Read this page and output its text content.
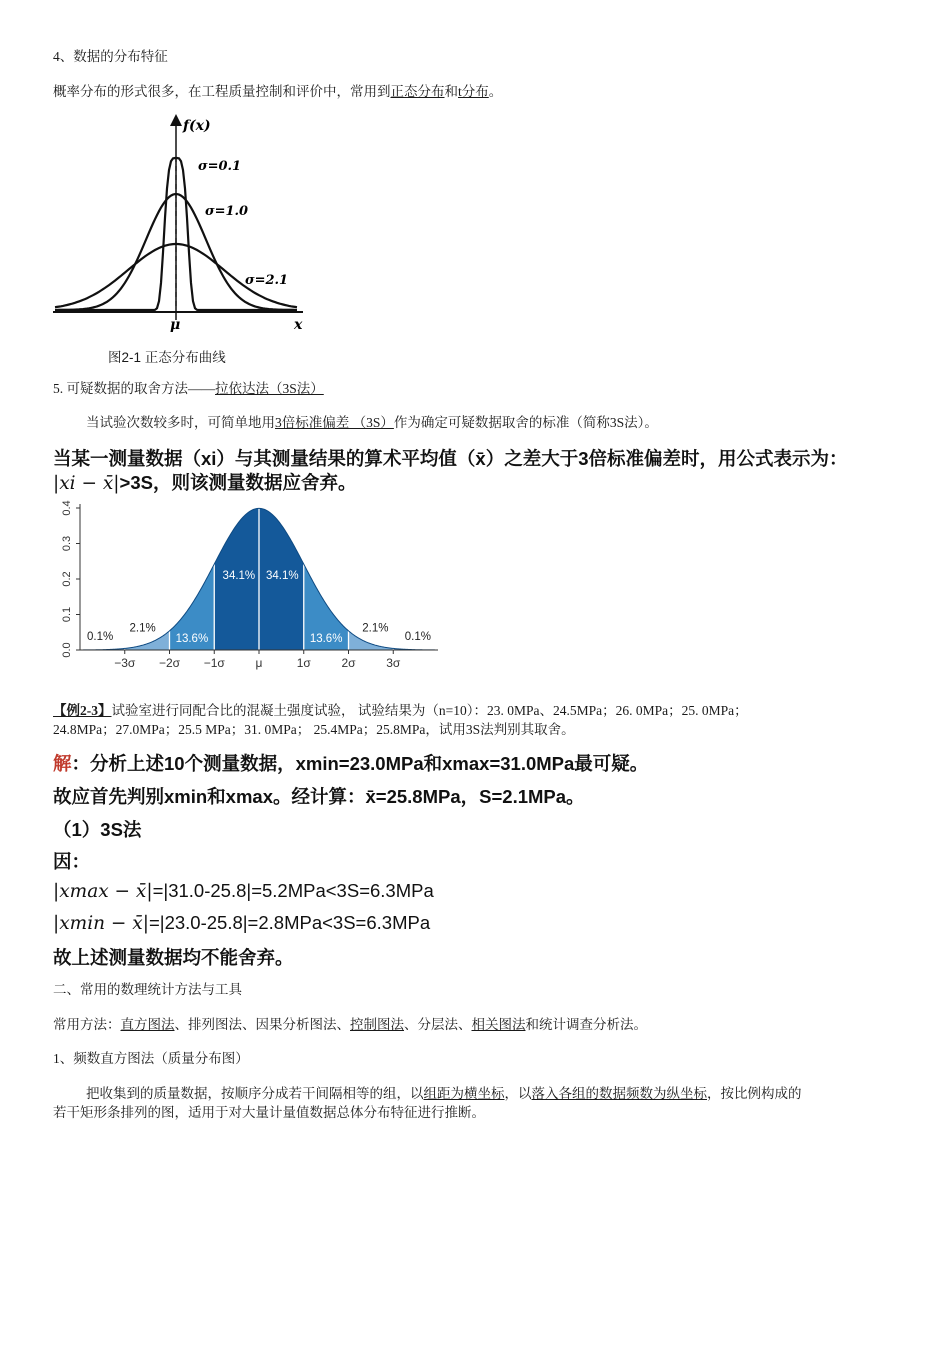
4、数据的分布特征
概率分布的形式很多，在工程质量控制和评价中，常用到正态分布和t分布。
f(x)
σ=0.1
σ=1.0
σ=2.1
μ	x
图2-1 正态分布曲线
5. 可疑数据的取舍方法——拉依达法（3S法）
当试验次数较多时，可简单地用3倍标准偏差 （3S）作为确定可疑数据取舍的标准（简称3S法）。
当某一测量数据（xi）与其测量结果的算术平均值（x̄）之差大于3倍标准偏差时，用公式表示为：
|xi − x̄|>3S，则该测量数据应舍弃。
0.0
0.1
0.2
0.3
0.4
−3σ −2σ −1σ	μ	1σ	2σ	3σ
0.1%
2.1%
13.6%
34.1% 34.1%
13.6%
2.1%
0.1%
【例2-3】试验室进行同配合比的混凝土强度试验， 试验结果为（n=10）：23. 0MPa、24.5MPa；26. 0MPa；25. 0MPa；
24.8MPa；27.0MPa；25.5 MPa；31. 0MPa； 25.4MPa；25.8MPa，试用3S法判别其取舍。
解：分析上述10个测量数据，xmin=23.0MPa和xmax=31.0MPa最可疑。
故应首先判别xmin和xmax。经计算：x̄=25.8MPa，S=2.1MPa。
（1）3S法
因：
|xmax − x̄|=|31.0-25.8|=5.2MPa<3S=6.3MPa
|xmin − x̄|=|23.0-25.8|=2.8MPa<3S=6.3MPa
故上述测量数据均不能舍弃。
二、常用的数理统计方法与工具
常用方法：直方图法、排列图法、因果分析图法、控制图法、分层法、相关图法和统计调查分析法。
1、频数直方图法（质量分布图）
把收集到的质量数据，按顺序分成若干间隔相等的组，以组距为横坐标，以落入各组的数据频数为纵坐标，按比例构成的
若干矩形条排列的图，适用于对大量计量值数据总体分布特征进行推断。
